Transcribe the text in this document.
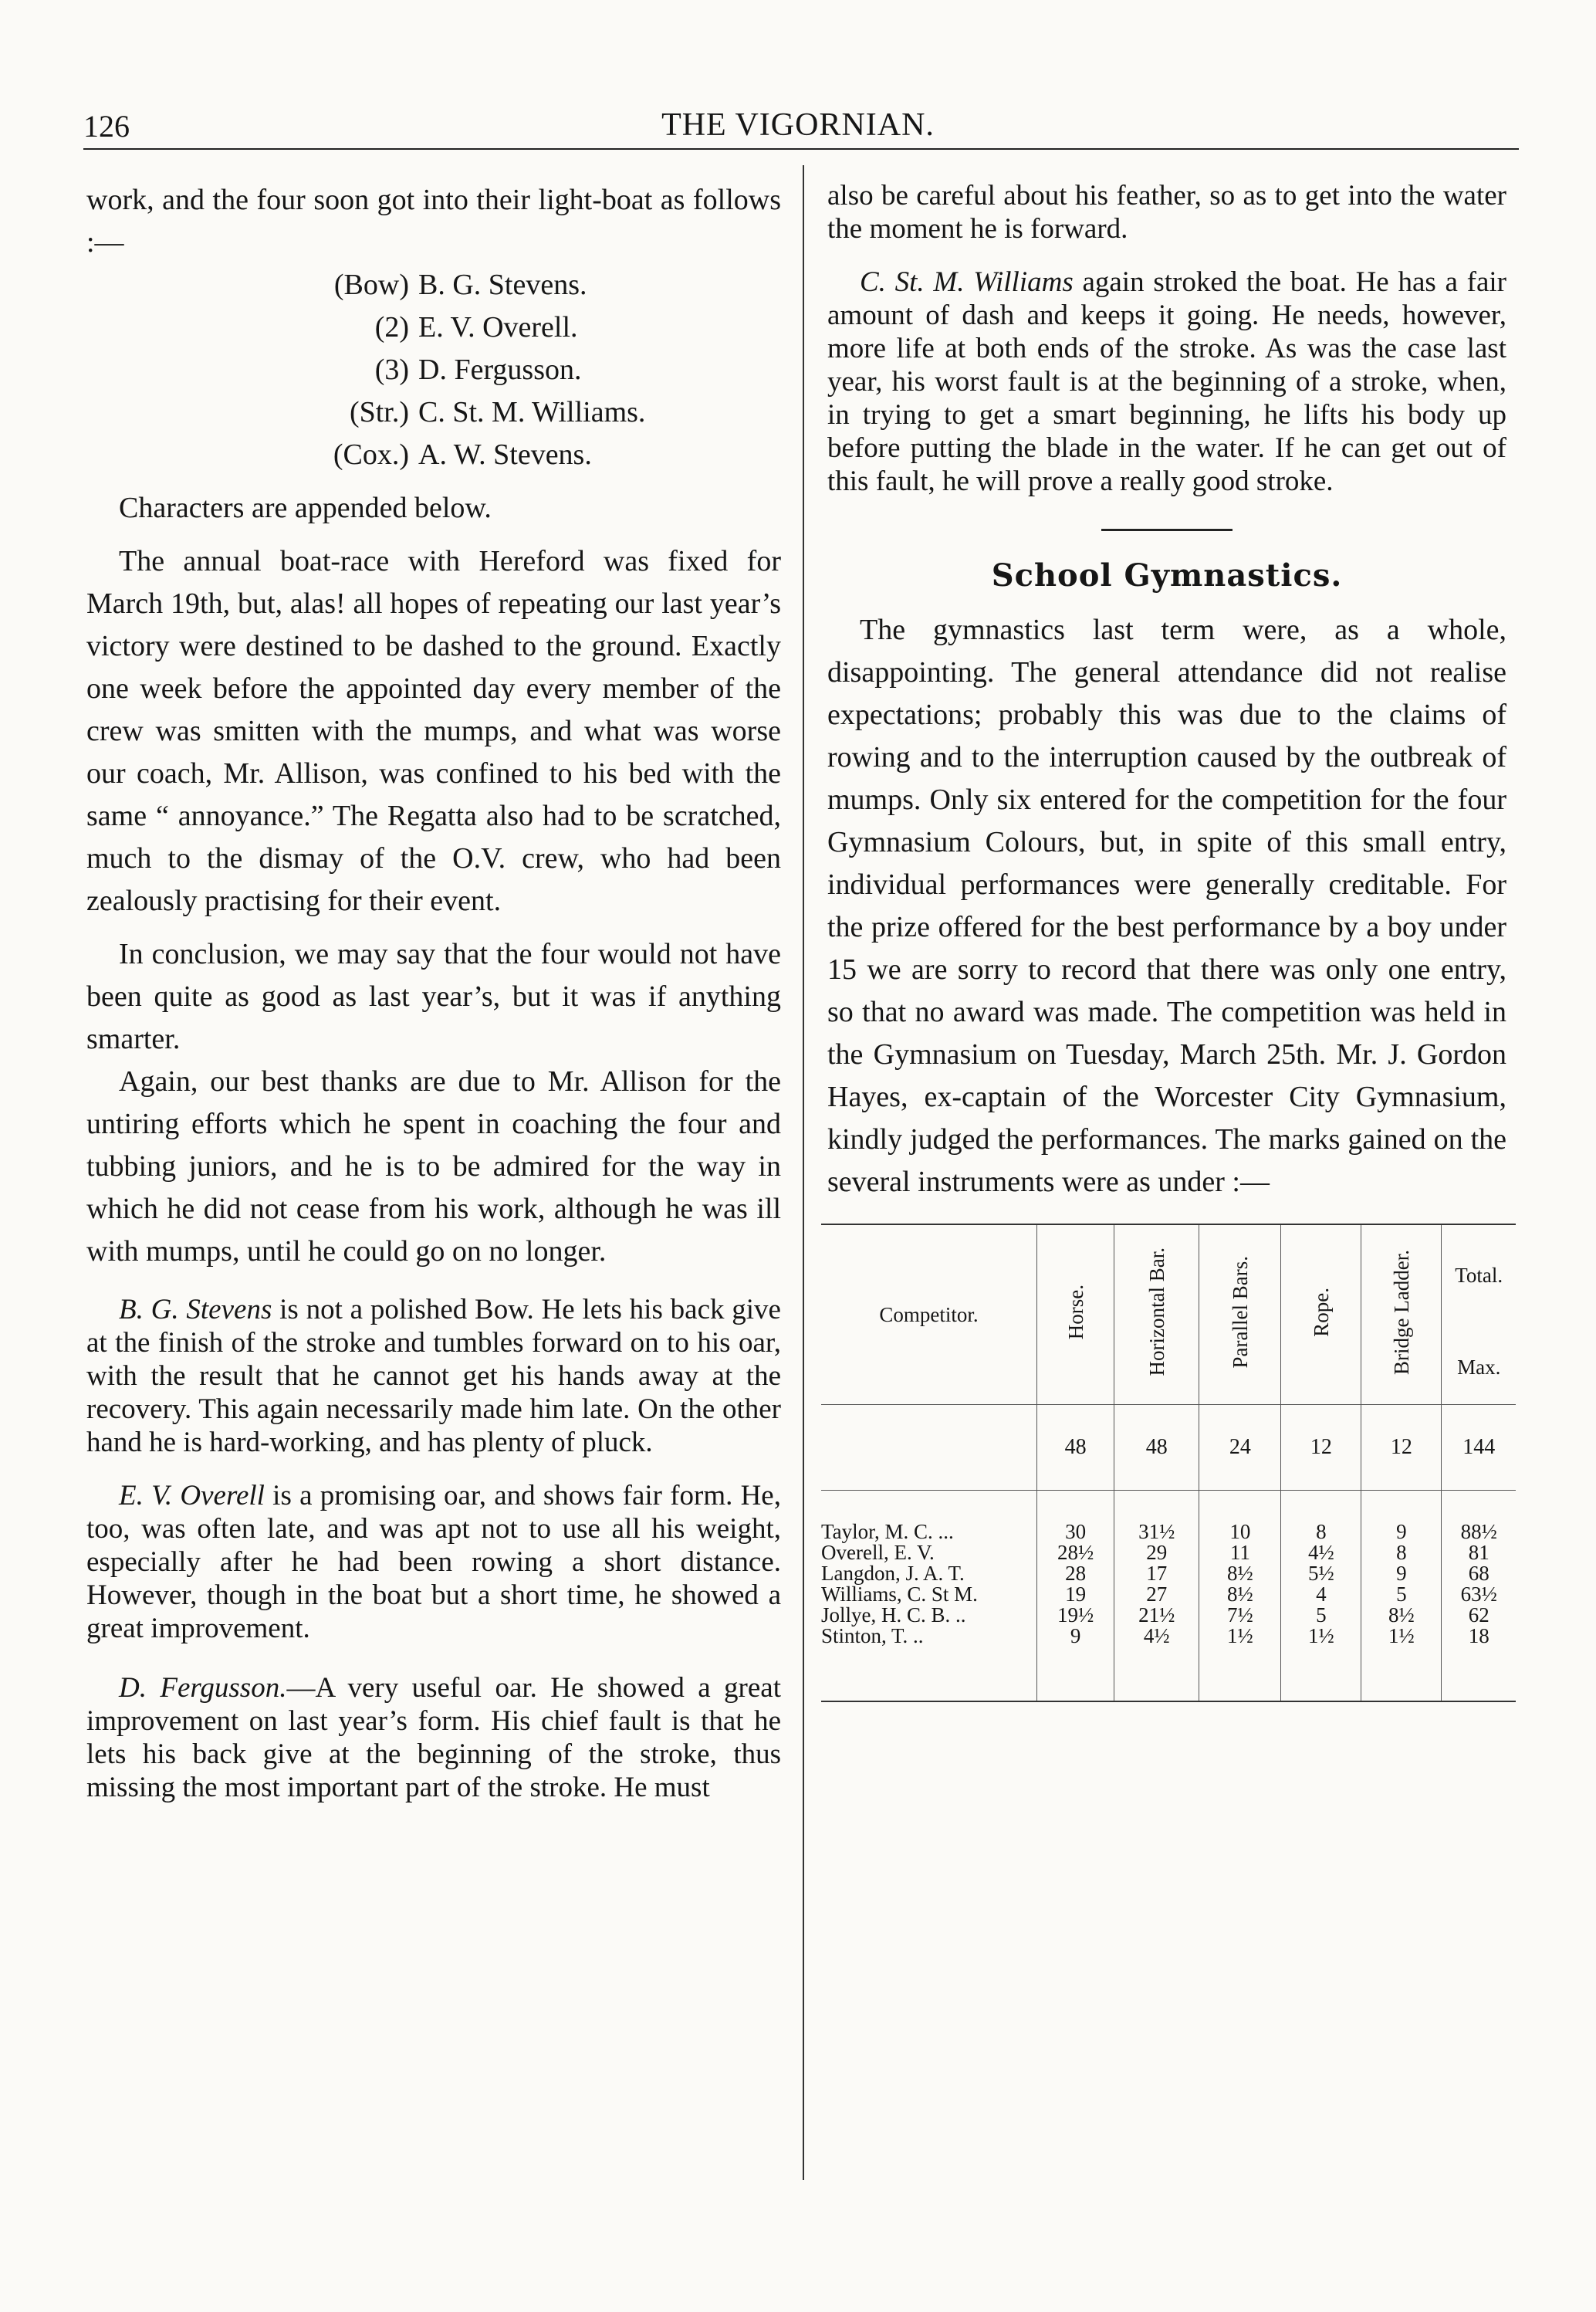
126	THE VIGORNIAN.
work, and the four soon got into their light-boat as follows :—
(Bow) B. G. Stevens.
(2) E. V. Overell.
(3) D. Fergusson.
(Str.) C. St. M. Williams.
(Cox.) A. W. Stevens.

Characters are appended below.

The annual boat-race with Hereford was fixed for March 19th, but, alas! all hopes of repeating our last year’s victory were destined to be dashed to the ground. Exactly one week before the appointed day every member of the crew was smitten with the mumps, and what was worse our coach, Mr. Allison, was confined to his bed with the same “ annoyance.” The Regatta also had to be scratched, much to the dismay of the O.V. crew, who had been zealously practising for their event.

In conclusion, we may say that the four would not have been quite as good as last year’s, but it was if anything smarter.

Again, our best thanks are due to Mr. Allison for the untiring efforts which he spent in coaching the four and tubbing juniors, and he is to be admired for the way in which he did not cease from his work, although he was ill with mumps, until he could go on no longer.

B. G. Stevens is not a polished Bow. He lets his back give at the finish of the stroke and tumbles forward on to his oar, with the result that he cannot get his hands away at the recovery. This again necessarily made him late. On the other hand he is hard-working, and has plenty of pluck.

E. V. Overell is a promising oar, and shows fair form. He, too, was often late, and was apt not to use all his weight, especially after he had been rowing a short distance. However, though in the boat but a short time, he showed a great improvement.

D. Fergusson.—A very useful oar. He showed a great improvement on last year’s form. His chief fault is that he lets his back give at the beginning of the stroke, thus missing the most important part of the stroke. He must

also be careful about his feather, so as to get into the water the moment he is forward.

C. St. M. Williams again stroked the boat. He has a fair amount of dash and keeps it going. He needs, however, more life at both ends of the stroke. As was the case last year, his worst fault is at the beginning of a stroke, when, in trying to get a smart beginning, he lifts his body up before putting the blade in the water. If he can get out of this fault, he will prove a really good stroke.

School Gymnastics.

The gymnastics last term were, as a whole, disappointing. The general attendance did not realise expectations; probably this was due to the claims of rowing and to the interruption caused by the outbreak of mumps. Only six entered for the competition for the four Gymnasium Colours, but, in spite of this small entry, individual performances were generally creditable. For the prize offered for the best performance by a boy under 15 we are sorry to record that there was only one entry, so that no award was made. The competition was held in the Gymnasium on Tuesday, March 25th. Mr. J. Gordon Hayes, ex-captain of the Worcester City Gymnasium, kindly judged the performances. The marks gained on the several instruments were as under :—

Competitor.	Horse.	Horizontal Bar.	Parallel Bars.	Rope.	Bridge Ladder.	Total.
Max.

	48	48	24	12	12	144

Taylor, M. C. ...	30	31½	10	8	9	88½
Overell, E. V.	28½	29	11	4½	8	81
Langdon, J. A. T.	28	17	8½	5½	9	68
Williams, C. St M.	19	27	8½	4	5	63½
Jollye, H. C. B. ..	19½	21½	7½	5	8½	62
Stinton, T. ..	9	4½	1½	1½	1½	18
